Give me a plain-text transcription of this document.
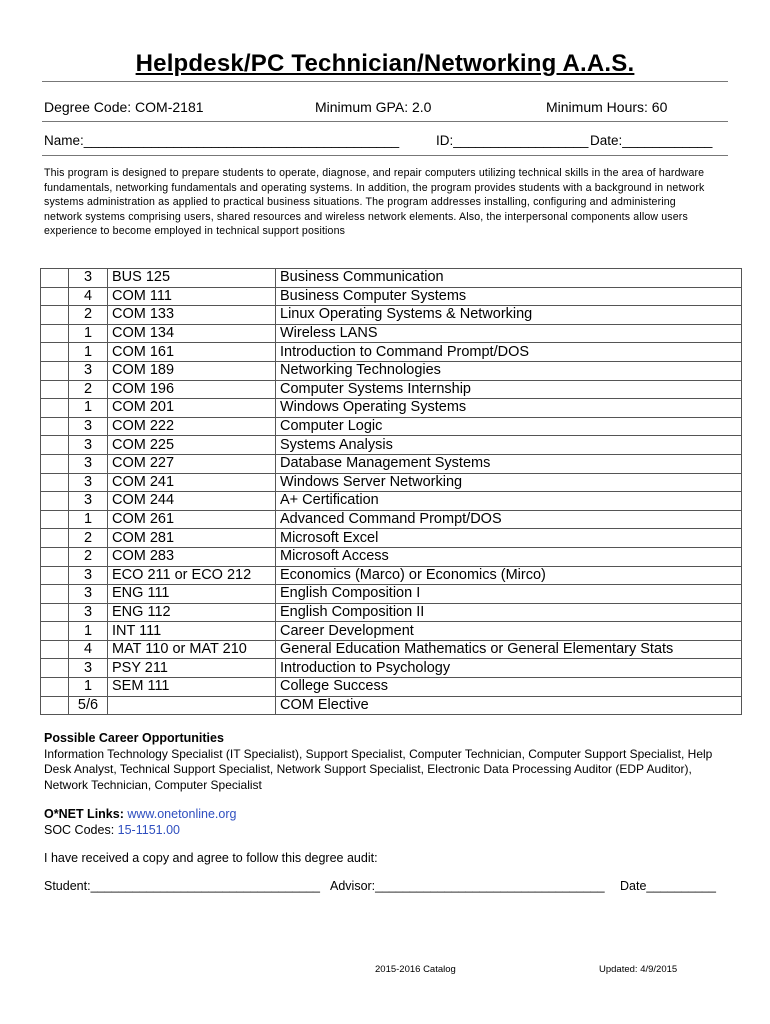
Helpdesk/PC Technician/Networking A.A.S.
Degree Code: COM-2181	Minimum GPA: 2.0	Minimum Hours: 60
Name:__________________________________________	ID:__________________ Date:____________
This program is designed to prepare students to operate, diagnose, and repair computers utilizing technical skills in the area of hardware fundamentals, networking fundamentals and operating systems. In addition, the program provides students with a background in network systems administration as applied to practical business situations. The program addresses installing, configuring and administering network systems comprising users, shared resources and wireless network elements. Also, the interpersonal components allow users experience to become employed in technical support positions
	3	BUS 125	Business Communication
	4	COM 111	Business Computer Systems
	2	COM 133	Linux Operating Systems & Networking
	1	COM 134	Wireless LANS
	1	COM 161	Introduction to Command Prompt/DOS
	3	COM 189	Networking Technologies
	2	COM 196	Computer Systems Internship
	1	COM 201	Windows Operating Systems
	3	COM 222	Computer Logic
	3	COM 225	Systems Analysis
	3	COM 227	Database Management Systems
	3	COM 241	Windows Server Networking
	3	COM 244	A+ Certification
	1	COM 261	Advanced Command Prompt/DOS
	2	COM 281	Microsoft Excel
	2	COM 283	Microsoft Access
	3	ECO 211 or ECO 212	Economics (Marco) or Economics (Mirco)
	3	ENG 111	English Composition I
	3	ENG 112	English Composition II
	1	INT 111	Career Development
	4	MAT 110 or MAT 210	General Education Mathematics or General Elementary Stats
	3	PSY 211	Introduction to Psychology
	1	SEM 111	College Success
	5/6		COM Elective
Possible Career Opportunities
Information Technology Specialist (IT Specialist), Support Specialist, Computer Technician, Computer Support Specialist, Help Desk Analyst, Technical Support Specialist, Network Support Specialist, Electronic Data Processing Auditor (EDP Auditor), Network Technician, Computer Specialist
O*NET Links: www.onetonline.org
SOC Codes: 15-1151.00
I have received a copy and agree to follow this degree audit:
Student:_________________________________ Advisor:_________________________________ Date__________
2015-2016 Catalog	Updated: 4/9/2015
